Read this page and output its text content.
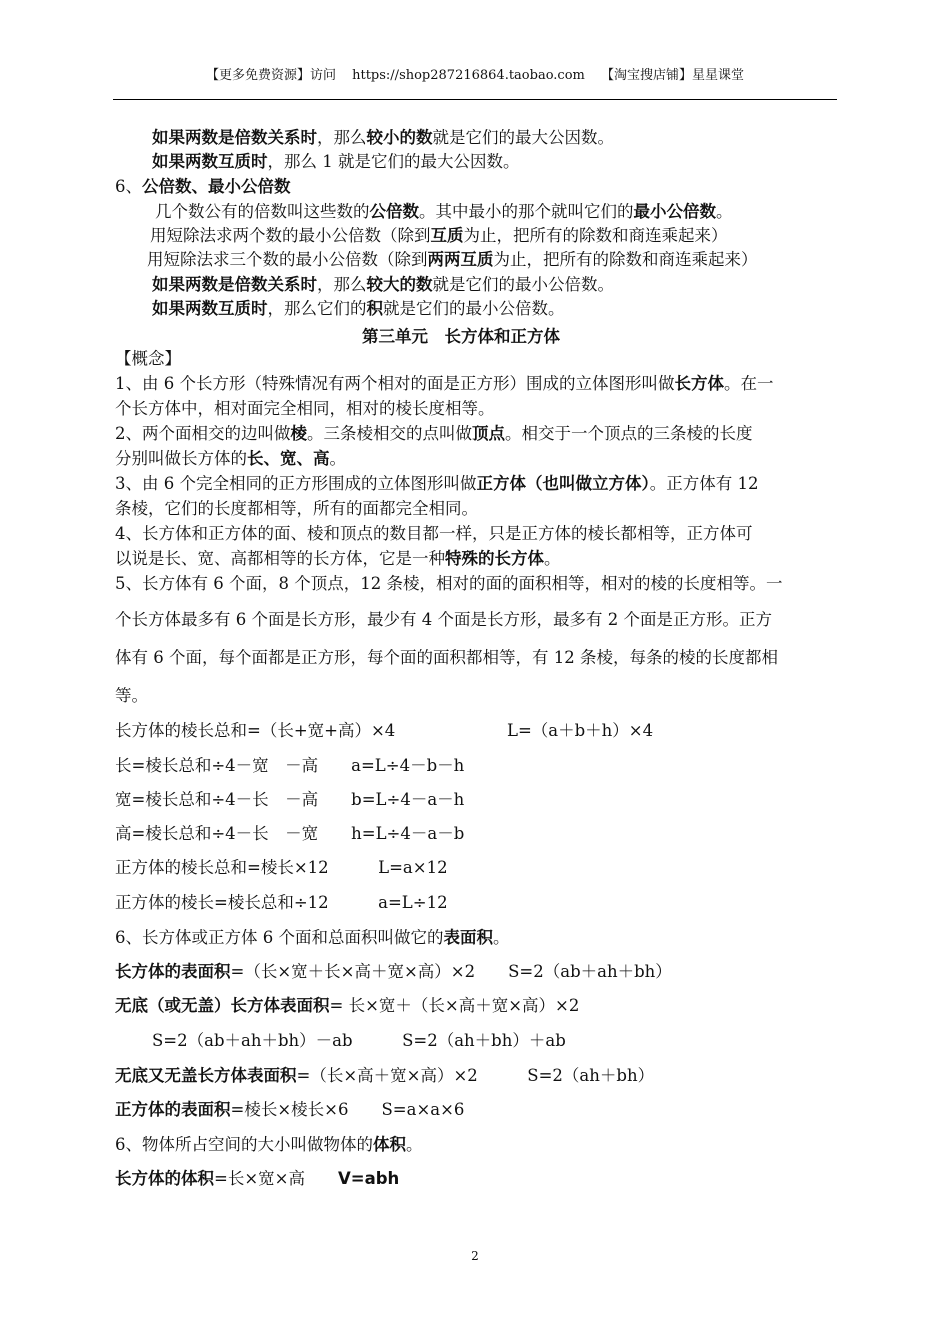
【更多免费资源】访问 https://shop287216864.taobao.com 【淘宝搜店铺】星星课堂
如果两数是倍数关系时，那么较小的数就是它们的最大公因数。
如果两数互质时，那么 1 就是它们的最大公因数。
6、公倍数、最小公倍数
几个数公有的倍数叫这些数的公倍数。其中最小的那个就叫它们的最小公倍数。
用短除法求两个数的最小公倍数（除到互质为止，把所有的除数和商连乘起来）
用短除法求三个数的最小公倍数（除到两两互质为止，把所有的除数和商连乘起来）
如果两数是倍数关系时，那么较大的数就是它们的最小公倍数。
如果两数互质时，那么它们的积就是它们的最小公倍数。
第三单元　长方体和正方体
【概念】
1、由 6 个长方形（特殊情况有两个相对的面是正方形）围成的立体图形叫做长方体。在一
个长方体中，相对面完全相同，相对的棱长度相等。
2、两个面相交的边叫做棱。三条棱相交的点叫做顶点。相交于一个顶点的三条棱的长度
分别叫做长方体的长、宽、高。
3、由 6 个完全相同的正方形围成的立体图形叫做正方体（也叫做立方体）。正方体有 12
条棱，它们的长度都相等，所有的面都完全相同。
4、长方体和正方体的面、棱和顶点的数目都一样，只是正方体的棱长都相等，正方体可
以说是长、宽、高都相等的长方体，它是一种特殊的长方体。
5、长方体有 6 个面，8 个顶点，12 条棱，相对的面的面积相等，相对的棱的长度相等。一
个长方体最多有 6 个面是长方形，最少有 4 个面是长方形，最多有 2 个面是正方形。正方
体有 6 个面，每个面都是正方形，每个面的面积都相等，有 12 条棱，每条的棱的长度都相
等。
长方体的棱长总和=（长+宽+高）×4	L=（a＋b＋h）×4
长=棱长总和÷4－宽　－高　　a=L÷4－b－h
宽=棱长总和÷4－长　－高　　b=L÷4－a－h
高=棱长总和÷4－长　－宽　　h=L÷4－a－b
正方体的棱长总和=棱长×12　　　L=a×12
正方体的棱长=棱长总和÷12　　　a=L÷12
6、长方体或正方体 6 个面和总面积叫做它的表面积。
长方体的表面积=（长×宽＋长×高＋宽×高）×2　　S=2（ab＋ah＋bh）
无底（或无盖）长方体表面积= 长×宽＋（长×高＋宽×高）×2
S=2（ab＋ah＋bh）－ab　　　S=2（ah＋bh）＋ab
无底又无盖长方体表面积=（长×高＋宽×高）×2　　　S=2（ah＋bh）
正方体的表面积=棱长×棱长×6　　S=a×a×6
6、物体所占空间的大小叫做物体的体积。
长方体的体积=长×宽×高　　V=abh
2
